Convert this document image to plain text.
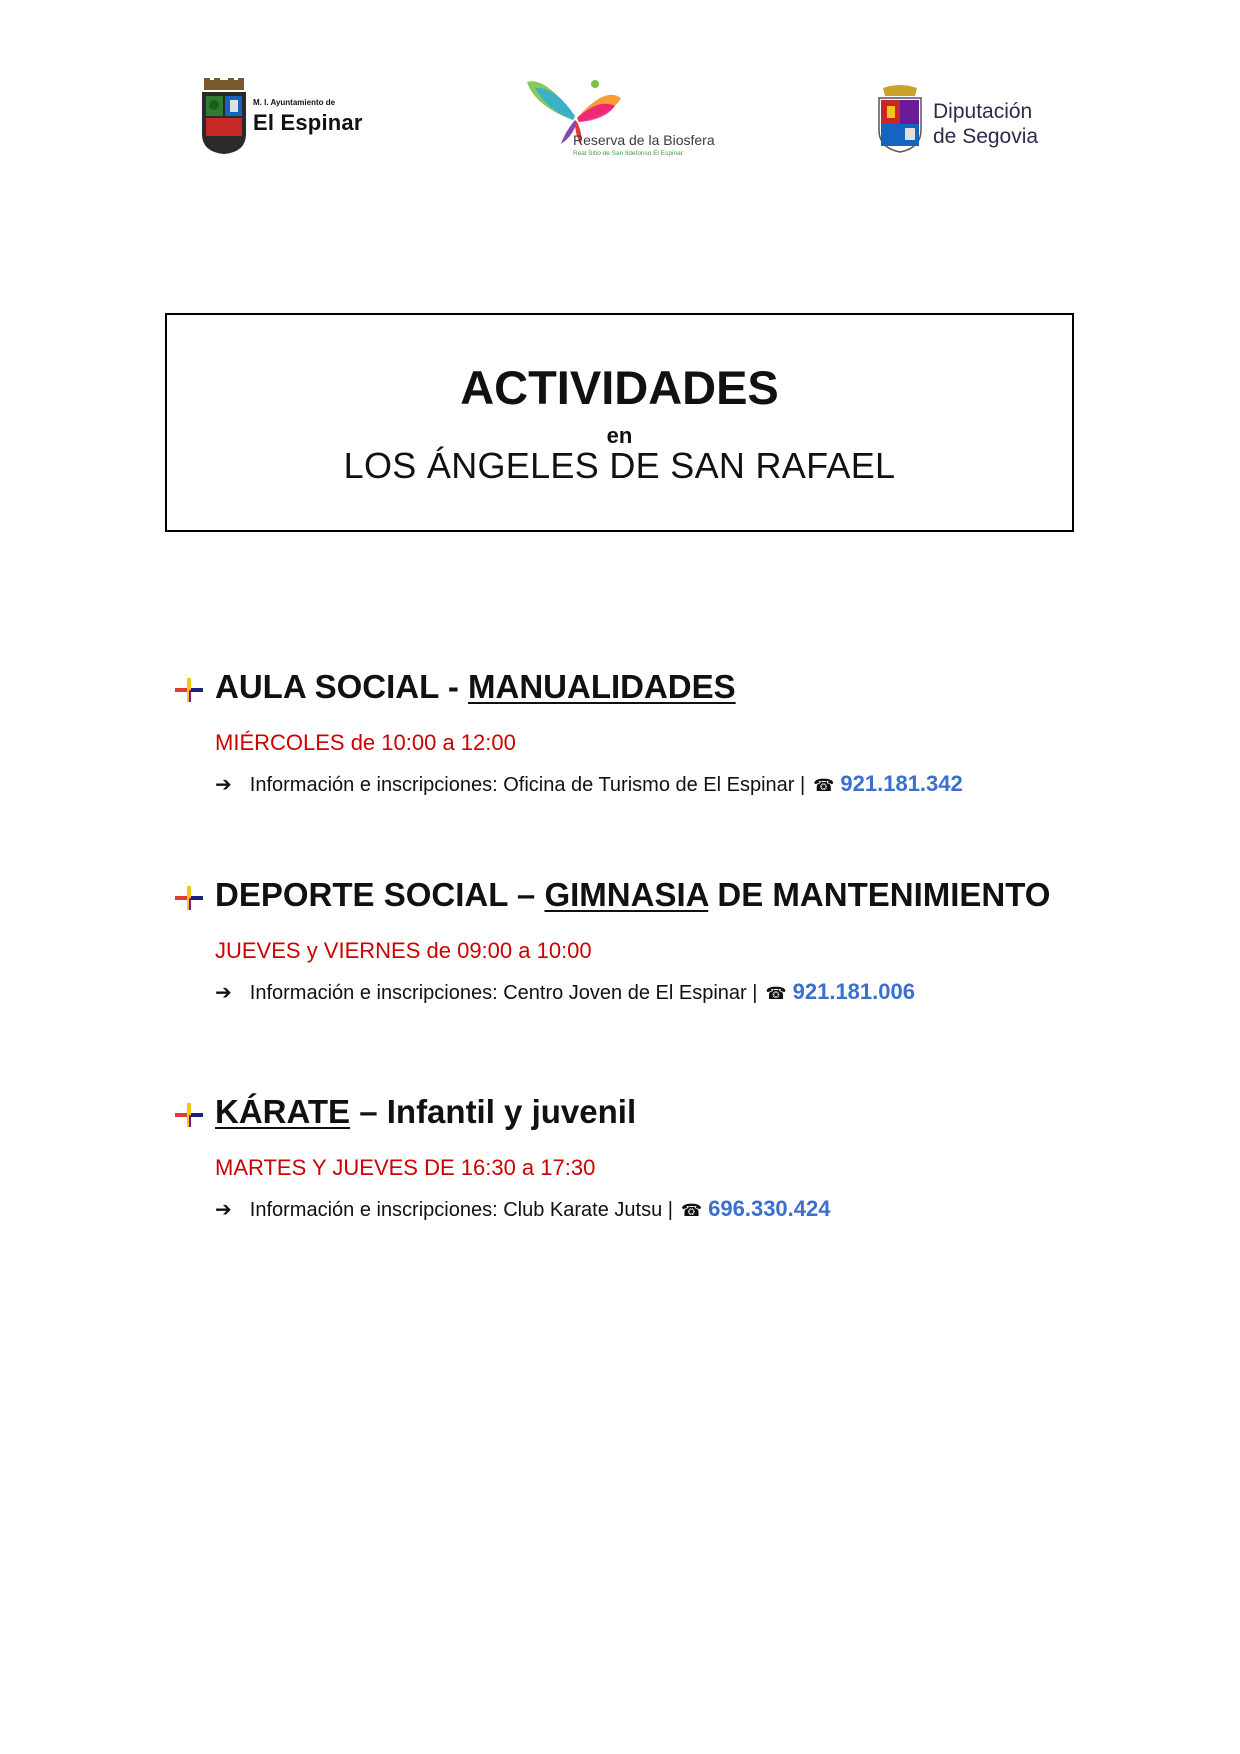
M. I. Ayuntamiento de
El Espinar
Reserva de la Biosfera
Real Sitio de San Ildefonso El Espinar
Diputación
de Segovia
ACTIVIDADES
en
LOS ÁNGELES DE SAN RAFAEL
AULA SOCIAL - MANUALIDADES
MIÉRCOLES de 10:00 a 12:00
➔ Información e inscripciones: Oficina de Turismo de El Espinar | ☎ 921.181.342
DEPORTE SOCIAL – GIMNASIA DE MANTENIMIENTO
JUEVES y VIERNES de 09:00 a 10:00
➔ Información e inscripciones: Centro Joven de El Espinar | ☎ 921.181.006
KÁRATE – Infantil y juvenil
MARTES Y JUEVES DE 16:30 a 17:30
➔ Información e inscripciones: Club Karate Jutsu | ☎ 696.330.424
